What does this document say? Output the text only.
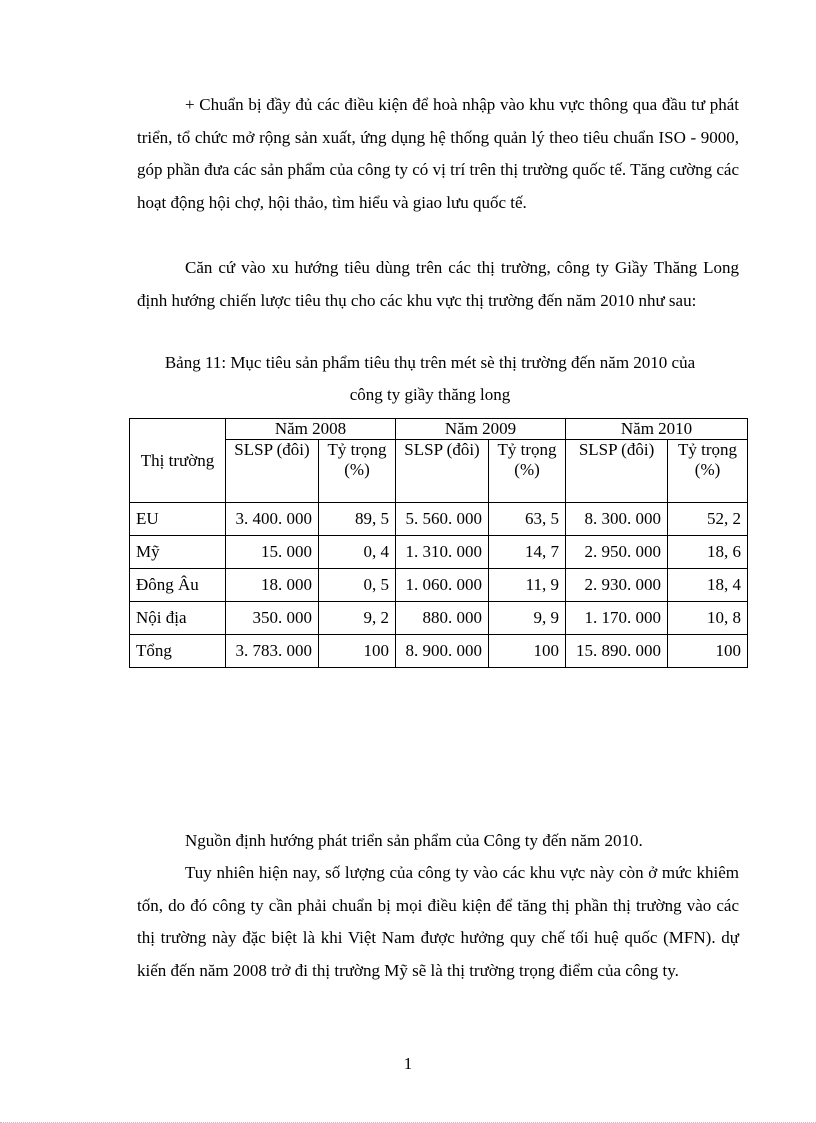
+ Chuẩn bị đầy đủ các điều kiện để hoà nhập vào khu vực thông qua đầu tư phát triển, tổ chức mở rộng sản xuất, ứng dụng hệ thống quản lý theo tiêu chuẩn ISO - 9000, góp phần đưa các sản phẩm của công ty có vị trí trên thị trường quốc tế. Tăng cường các hoạt động hội chợ, hội thảo, tìm hiểu và giao lưu quốc tế.

Căn cứ vào xu hướng tiêu dùng trên các thị trường, công ty Giầy Thăng Long định hướng chiến lược tiêu thụ cho các khu vực thị trường đến năm 2010 như sau:

Bảng 11: Mục tiêu sản phẩm tiêu thụ trên mét sè thị trường đến năm 2010 của

công ty giầy thăng long

Thị trường	Năm 2008		Năm 2009		Năm 2010	
	SLSP (đôi)	Tỷ trọng (%)	SLSP (đôi)	Tỷ trọng (%)	SLSP (đôi)	Tỷ trọng (%)
EU	3. 400. 000	89, 5	5. 560. 000	63, 5	8. 300. 000	52, 2
Mỹ	15. 000	0, 4	1. 310. 000	14, 7	2. 950. 000	18, 6
Đông Âu	18. 000	0, 5	1. 060. 000	11, 9	2. 930. 000	18, 4
Nội địa	350. 000	9, 2	880. 000	9, 9	1. 170. 000	10, 8
Tổng	3. 783. 000	100	8. 900. 000	100	15. 890. 000	100

Nguồn định hướng phát triển sản phẩm của Công ty đến năm 2010.

Tuy nhiên hiện nay, số lượng của công ty vào các khu vực này còn ở mức khiêm tốn, do đó công ty cần phải chuẩn bị mọi điều kiện để tăng thị phần thị trường vào các thị trường này đặc biệt là khi Việt Nam được hưởng quy chế tối huệ quốc (MFN). dự kiến đến năm 2008 trở đi thị trường Mỹ sẽ là thị trường trọng điểm của công ty.

1
